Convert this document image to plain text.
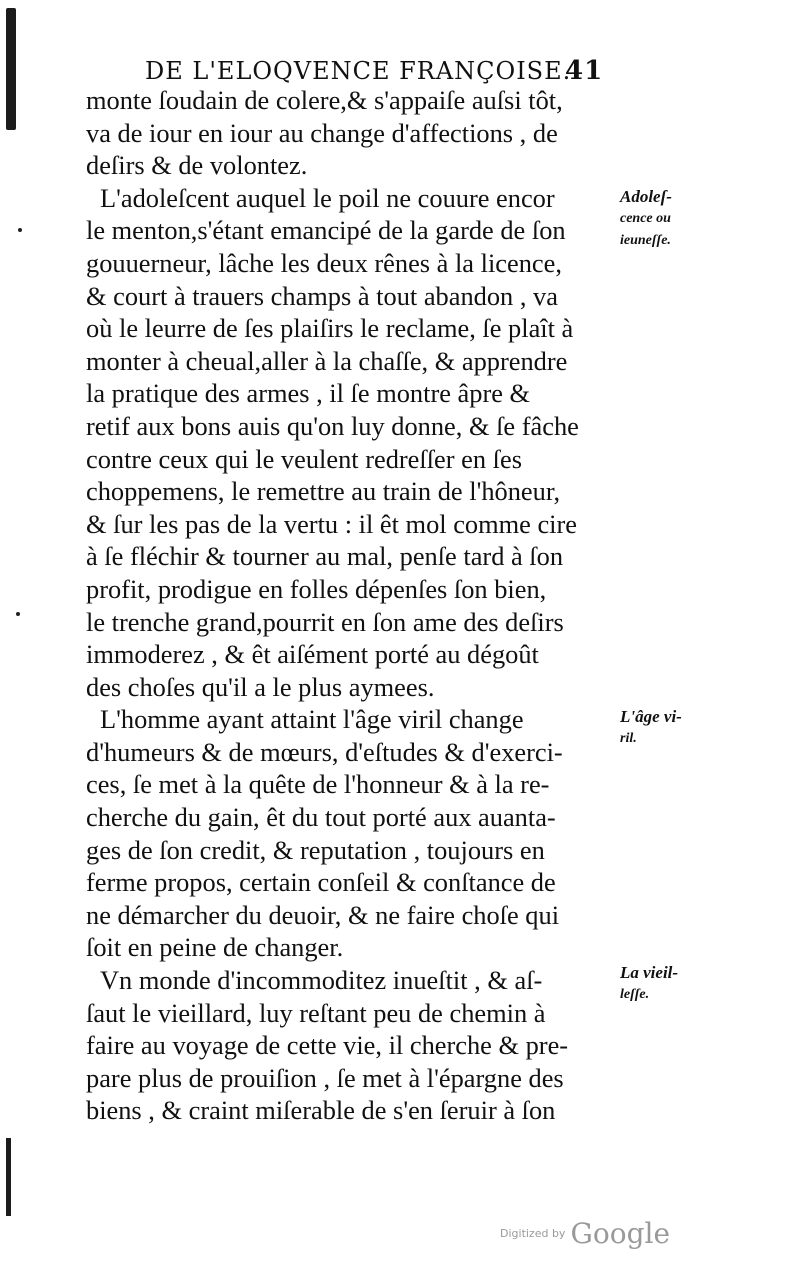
DE L'ELOQVENCE FRANÇOISE.41
monte ſoudain de colere,& s'appaiſe auſsi tôt,
va de iour en iour au change d'affections , de
deſirs & de volontez.
L'adoleſcent auquel le poil ne couure encor
le menton,s'étant emancipé de la garde de ſon
gouuerneur, lâche les deux rênes à la licence,
& court à trauers champs à tout abandon , va
où le leurre de ſes plaiſirs le reclame, ſe plaît à
monter à cheual,aller à la chaſſe, & apprendre
la pratique des armes , il ſe montre âpre &
retif aux bons auis qu'on luy donne, & ſe fâche
contre ceux qui le veulent redreſſer en ſes
choppemens, le remettre au train de l'hôneur,
& ſur les pas de la vertu : il êt mol comme cire
à ſe fléchir & tourner au mal, penſe tard à ſon
profit, prodigue en folles dépenſes ſon bien,
le trenche grand,pourrit en ſon ame des deſirs
immoderez , & êt aiſément porté au dégoût
des choſes qu'il a le plus aymees.
L'homme ayant attaint l'âge viril change
d'humeurs & de mœurs, d'eſtudes & d'exerci-
ces, ſe met à la quête de l'honneur & à la re-
cherche du gain, êt du tout porté aux auanta-
ges de ſon credit, & reputation , toujours en
ferme propos, certain conſeil & conſtance de
ne démarcher du deuoir, & ne faire choſe qui
ſoit en peine de changer.
Vn monde d'incommoditez inueſtit , & aſ-
ſaut le vieillard, luy reſtant peu de chemin à
faire au voyage de cette vie, il cherche & pre-
pare plus de prouiſion , ſe met à l'épargne des
biens , & craint miſerable de s'en ſeruir à ſon
Adoleſ-
cence ou
ieuneſſe.
L'âge vi-
ril.
La vieil-
leſſe.
Digitized by Google
